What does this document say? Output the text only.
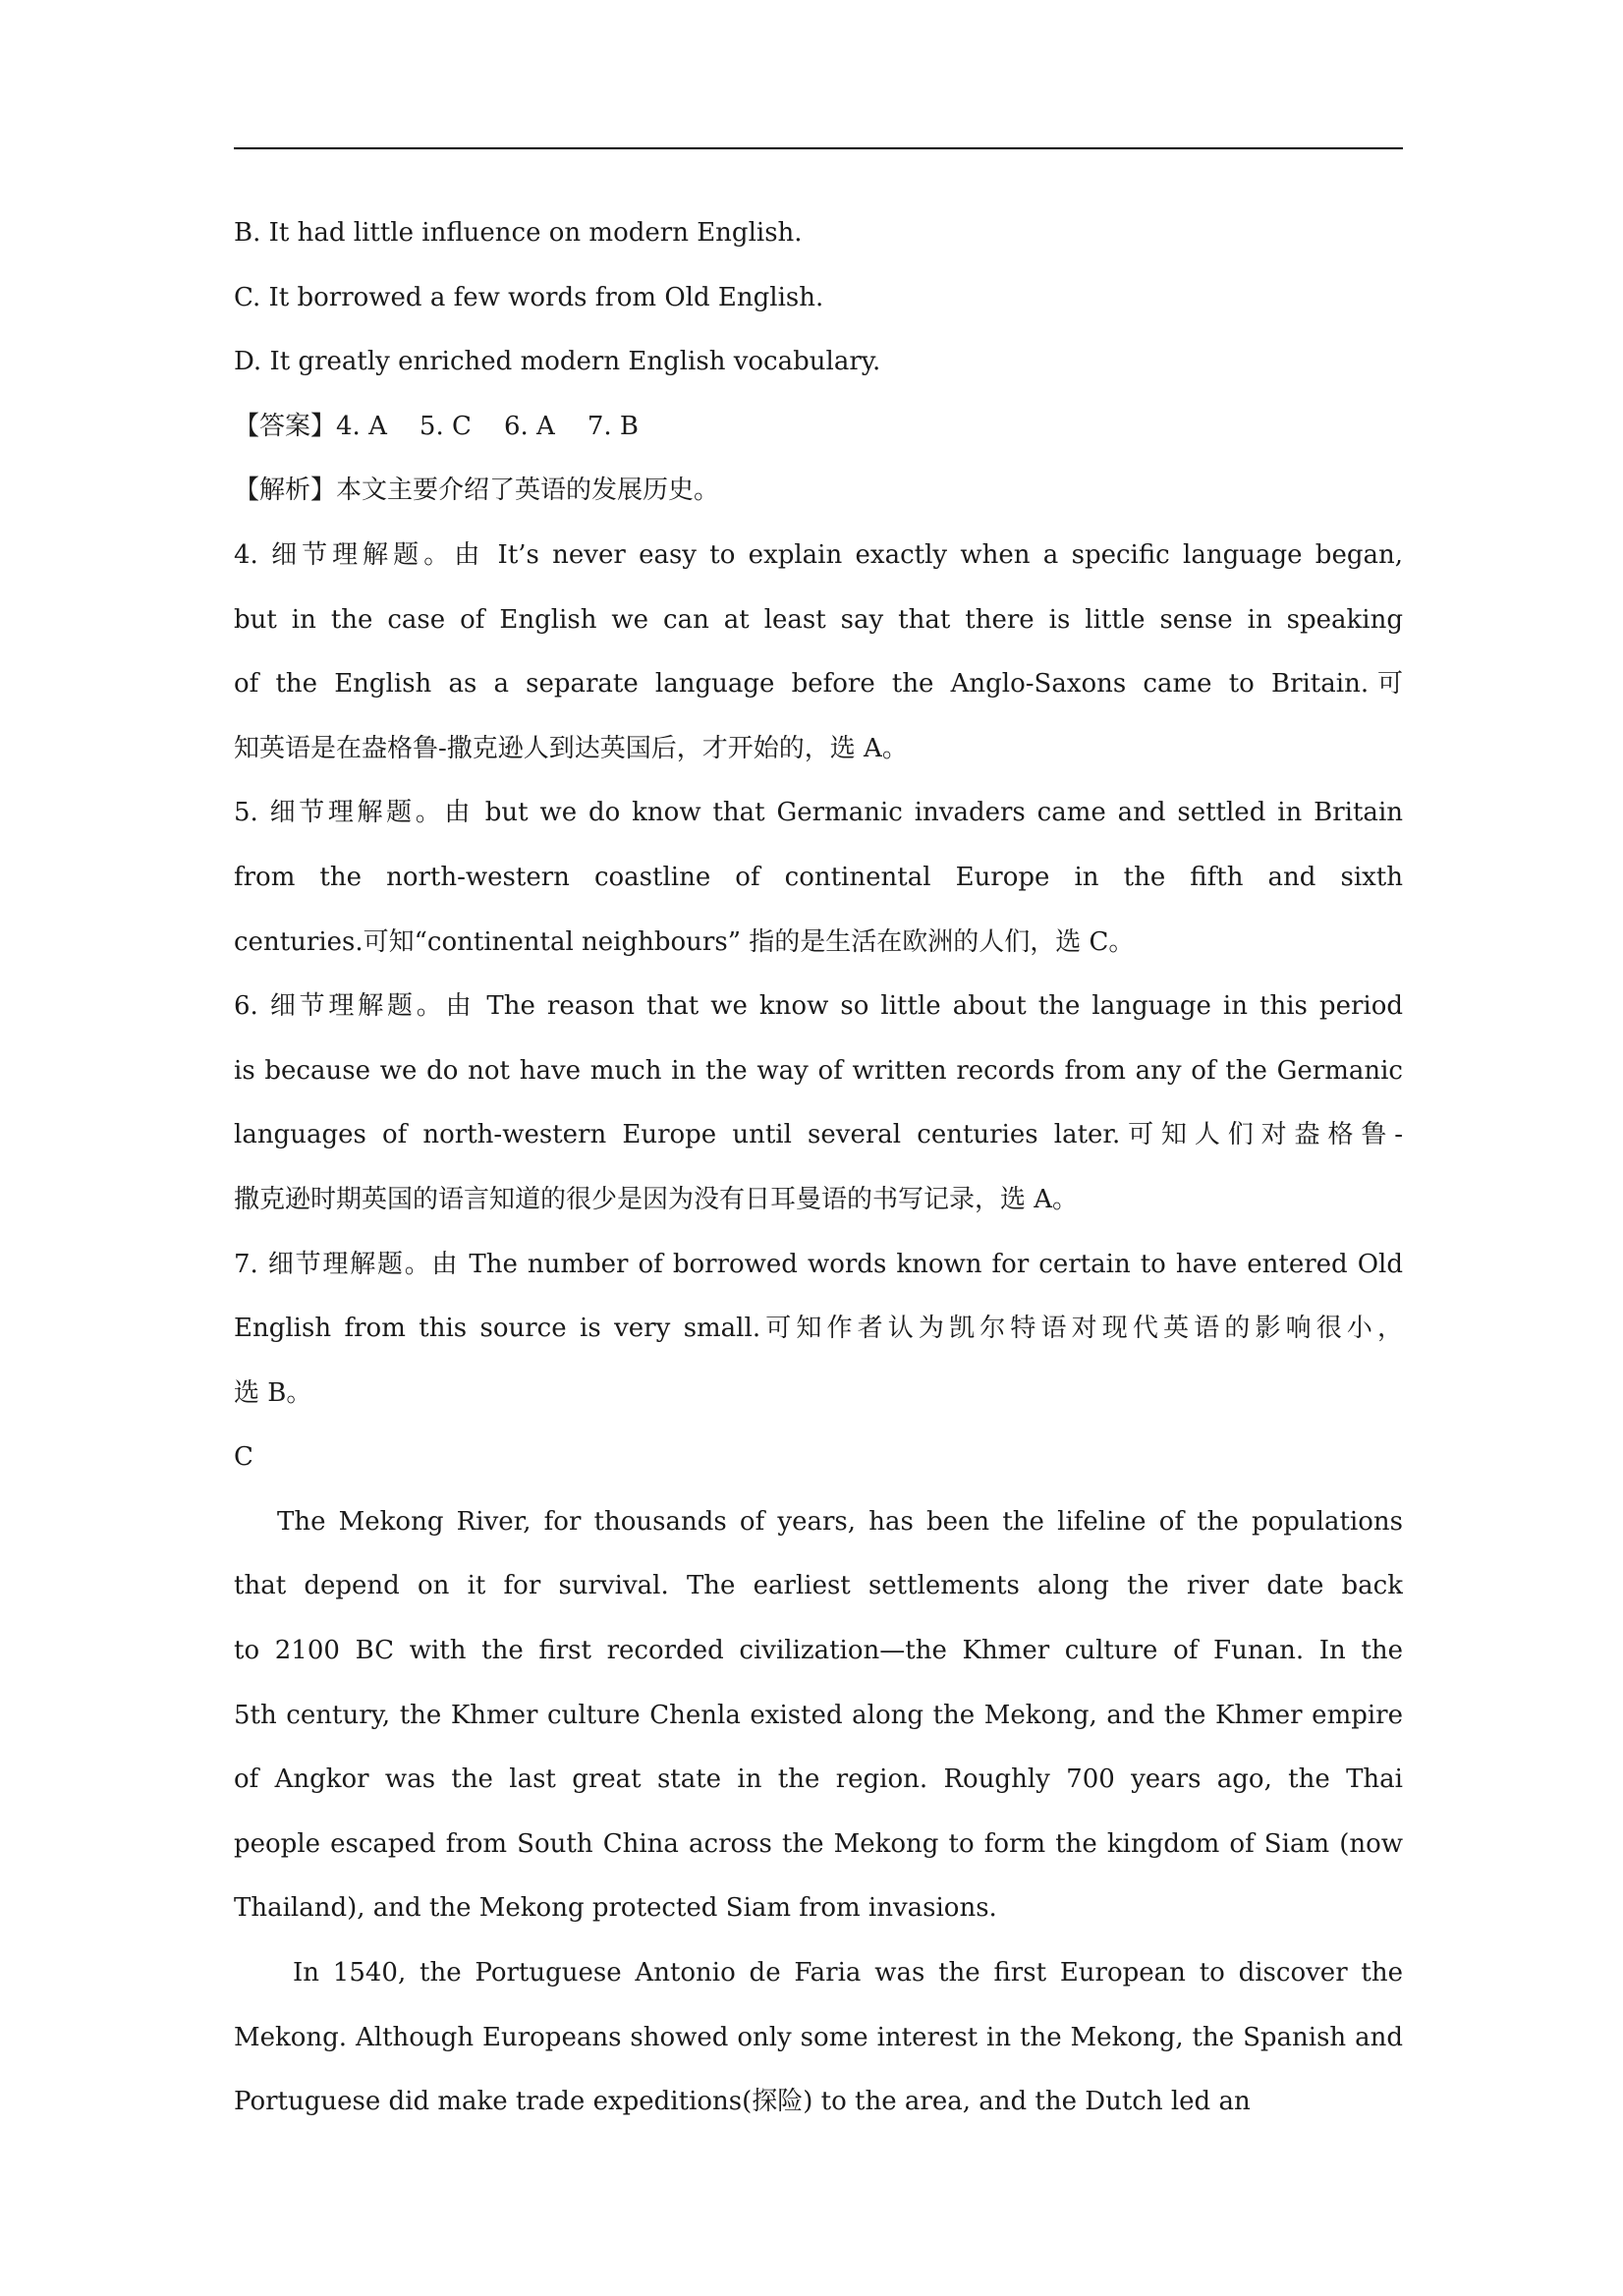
B. It had little influence on modern English.
C. It borrowed a few words from Old English.
D. It greatly enriched modern English vocabulary.
【答案】4. A    5. C    6. A    7. B
【解析】本文主要介绍了英语的发展历史。
4. 细节理解题。由 It’s never easy to explain exactly when a specific language began,
but in the case of English we can at least say that there is little sense in speaking
of the English as a separate language before the Anglo-Saxons came to Britain.可
知英语是在盎格鲁-撒克逊人到达英国后，才开始的，选 A。
5. 细节理解题。由 but we do know that Germanic invaders came and settled in Britain
from the north-western coastline of continental Europe in the fifth and sixth
centuries.可知“continental neighbours” 指的是生活在欧洲的人们，选 C。
6. 细节理解题。由 The reason that we know so little about the language in this period
is because we do not have much in the way of written records from any of the Germanic
languages of north-western Europe until several centuries later.可知人们对盎格鲁-
撒克逊时期英国的语言知道的很少是因为没有日耳曼语的书写记录，选 A。
7. 细节理解题。由 The number of borrowed words known for certain to have entered Old
English from this source is very small.可知作者认为凯尔特语对现代英语的影响很小，
选 B。
C
The Mekong River, for thousands of years, has been the lifeline of the populations
that depend on it for survival. The earliest settlements along the river date back
to 2100 BC with the first recorded civilization—the Khmer culture of Funan. In the
5th century, the Khmer culture Chenla existed along the Mekong, and the Khmer empire
of Angkor was the last great state in the region. Roughly 700 years ago, the Thai
people escaped from South China across the Mekong to form the kingdom of Siam (now
Thailand), and the Mekong protected Siam from invasions.
In 1540, the Portuguese Antonio de Faria was the first European to discover the
Mekong. Although Europeans showed only some interest in the Mekong, the Spanish and
Portuguese did make trade expeditions(探险) to the area, and the Dutch led an
